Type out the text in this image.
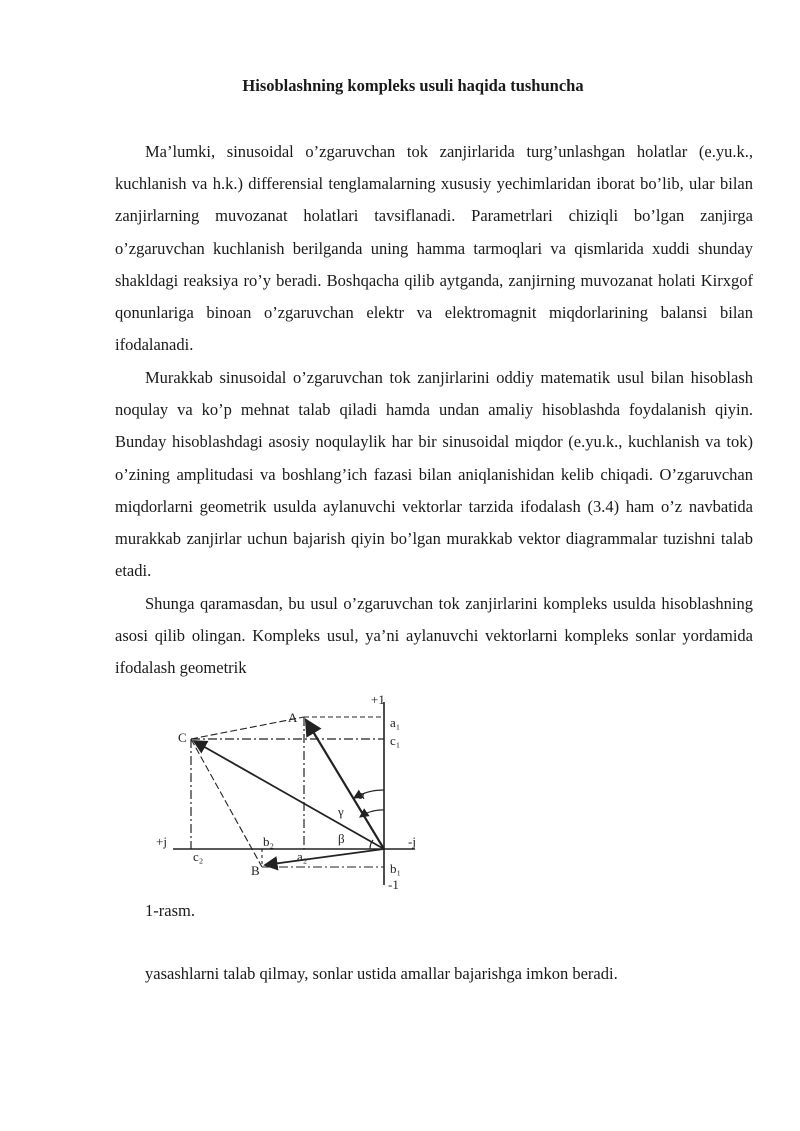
Hisoblashning kompleks usuli haqida tushuncha

Ma’lumki, sinusoidal o’zgaruvchan tok zanjirlarida turg’unlashgan holatlar (e.yu.k., kuchlanish va h.k.) differensial tenglamalarning xususiy yechimlaridan iborat bo’lib, ular bilan zanjirlarning muvozanat holatlari tavsiflanadi. Parametrlari chiziqli bo’lgan zanjirga o’zgaruvchan kuchlanish berilganda uning hamma tarmoqlari va qismlarida xuddi shunday shakldagi reaksiya ro’y beradi. Boshqacha qilib aytganda, zanjirning muvozanat holati Kirxgof qonunlariga binoan o’zgaruvchan elektr va elektromagnit miqdorlarining balansi bilan ifodalanadi.

Murakkab sinusoidal o’zgaruvchan tok zanjirlarini oddiy matematik usul bilan hisoblash noqulay va ko’p mehnat talab qiladi hamda undan amaliy hisoblashda foydalanish qiyin. Bunday hisoblashdagi asosiy noqulaylik har bir sinusoidal miqdor (e.yu.k., kuchlanish va tok) o’zining amplitudasi va boshlang’ich fazasi bilan aniqlanishidan kelib chiqadi. O’zgaruvchan miqdorlarni geometrik usulda aylanuvchi vektorlar tarzida ifodalash (3.4) ham o’z navbatida murakkab zanjirlar uchun bajarish qiyin bo’lgan murakkab vektor diagrammalar tuzishni talab etadi.

Shunga qaramasdan, bu usul o’zgaruvchan tok zanjirlarini kompleks usulda hisoblashning asosi qilib olingan. Kompleks usul, ya’ni aylanuvchi vektorlarni kompleks sonlar yordamida ifodalash geometrik

+1
-1
+j	-j
A
C
B
a₁
c₁
b₁
b₂
a₂
c₂
α
γ
β
1-rasm.
yasashlarni talab qilmay, sonlar ustida amallar bajarishga imkon beradi.
